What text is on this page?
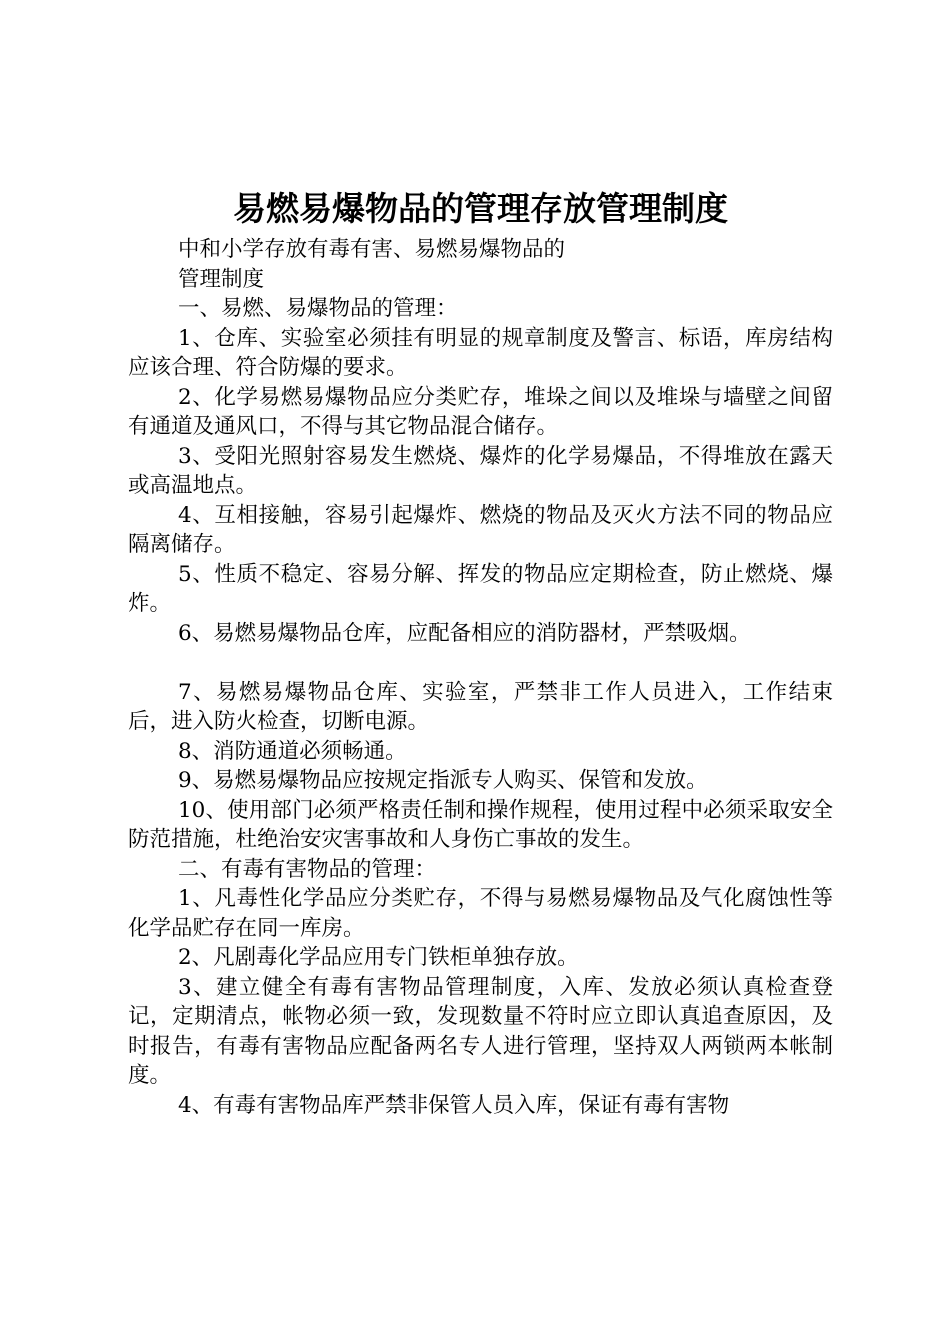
易燃易爆物品的管理存放管理制度

中和小学存放有毒有害、易燃易爆物品的

管理制度

一、易燃、易爆物品的管理：

1、仓库、实验室必须挂有明显的规章制度及警言、标语，库房结构应该合理、符合防爆的要求。

2、化学易燃易爆物品应分类贮存，堆垛之间以及堆垛与墙壁之间留有通道及通风口，不得与其它物品混合储存。

3、受阳光照射容易发生燃烧、爆炸的化学易爆品，不得堆放在露天或高温地点。

4、互相接触，容易引起爆炸、燃烧的物品及灭火方法不同的物品应隔离储存。

5、性质不稳定、容易分解、挥发的物品应定期检查，防止燃烧、爆炸。

6、易燃易爆物品仓库，应配备相应的消防器材，严禁吸烟。

7、易燃易爆物品仓库、实验室，严禁非工作人员进入，工作结束后，进入防火检查，切断电源。

8、消防通道必须畅通。

9、易燃易爆物品应按规定指派专人购买、保管和发放。

10、使用部门必须严格责任制和操作规程，使用过程中必须采取安全防范措施，杜绝治安灾害事故和人身伤亡事故的发生。

二、有毒有害物品的管理：

1、凡毒性化学品应分类贮存，不得与易燃易爆物品及气化腐蚀性等化学品贮存在同一库房。

2、凡剧毒化学品应用专门铁柜单独存放。

3、建立健全有毒有害物品管理制度，入库、发放必须认真检查登记，定期清点，帐物必须一致，发现数量不符时应立即认真追查原因，及时报告，有毒有害物品应配备两名专人进行管理，坚持双人两锁两本帐制度。

4、有毒有害物品库严禁非保管人员入库，保证有毒有害物
